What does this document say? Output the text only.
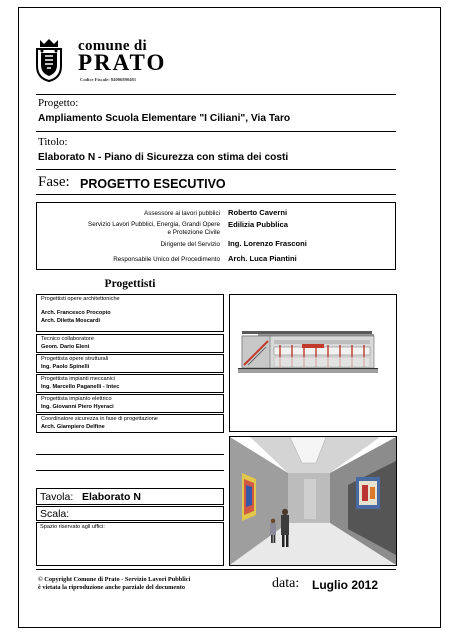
comune di
PRATO
Codice Fiscale: 84006890481
Progetto:
Ampliamento Scuola Elementare "I Ciliani", Via Taro
Titolo:
Elaborato N - Piano di Sicurezza con stima dei costi
Fase: PROGETTO ESECUTIVO
Assessore ai lavori pubblici Roberto Caverni
Servizio Lavori Pubblici, Energia, Grandi Opere e Protezione Civile
Edilizia Pubblica
Dirigente del Servizio Ing. Lorenzo Frasconi
Responsabile Unico del Procedimento Arch. Luca Piantini
Progettisti
Progettisti opere architettoniche
Arch. Francesco Procopio
Arch. Diletta Moscardi
Tecnico collaboratore
Geom. Dario Eleni
Progettista opere strutturali
Ing. Paolo Spinelli
Progettista impianti meccanici
Ing. Marcello Paganelli - Intec
Progettista impianto elettrico
Ing. Giovanni Piero Hyeraci
Coordinatore sicurezza in fase di progettazione
Arch. Giampiero Delfine
Tavola: Elaborato N
Scala:
Spazio riservato agli uffici:
© Copyright Comune di Prato - Servizio Lavori Pubblici
è vietata la riproduzione anche parziale del documento	data: Luglio 2012
